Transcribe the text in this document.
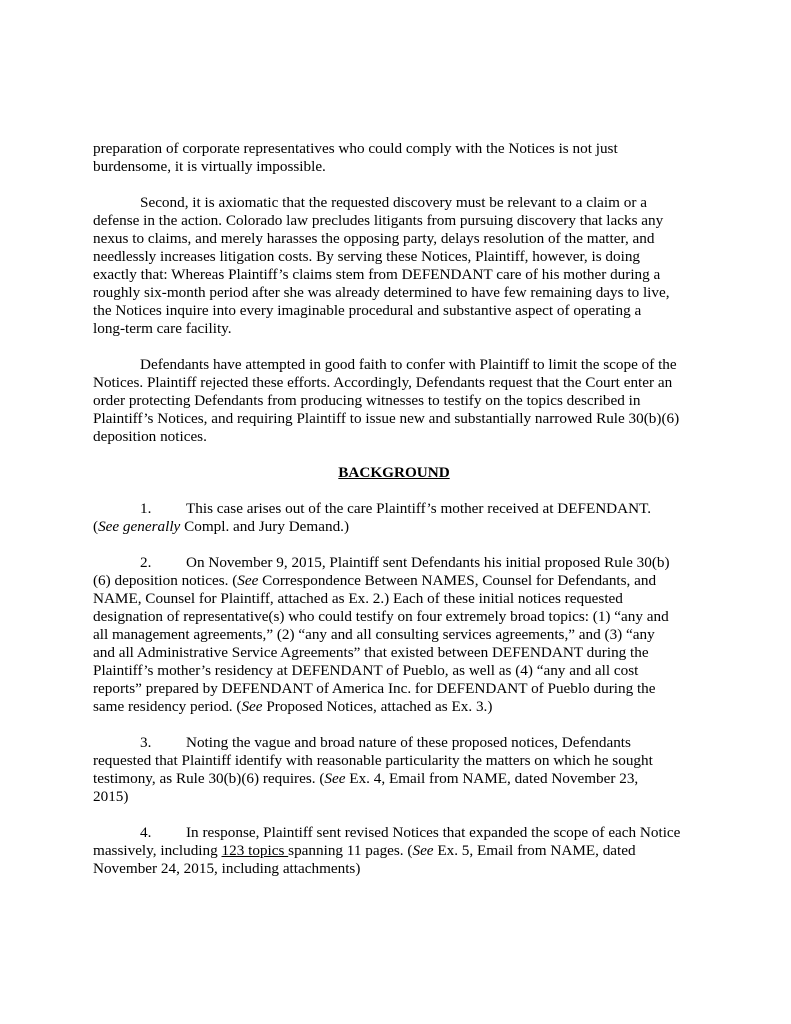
preparation of corporate representatives who could comply with the Notices is not just
burdensome, it is virtually impossible.

Second, it is axiomatic that the requested discovery must be relevant to a claim or a
defense in the action. Colorado law precludes litigants from pursuing discovery that lacks any
nexus to claims, and merely harasses the opposing party, delays resolution of the matter, and
needlessly increases litigation costs. By serving these Notices, Plaintiff, however, is doing
exactly that: Whereas Plaintiff’s claims stem from DEFENDANT care of his mother during a
roughly six-month period after she was already determined to have few remaining days to live,
the Notices inquire into every imaginable procedural and substantive aspect of operating a
long-term care facility.

Defendants have attempted in good faith to confer with Plaintiff to limit the scope of the
Notices. Plaintiff rejected these efforts. Accordingly, Defendants request that the Court enter an
order protecting Defendants from producing witnesses to testify on the topics described in
Plaintiff’s Notices, and requiring Plaintiff to issue new and substantially narrowed Rule 30(b)(6)
deposition notices.

BACKGROUND

1. This case arises out of the care Plaintiff’s mother received at DEFENDANT.
(See generally Compl. and Jury Demand.)

2. On November 9, 2015, Plaintiff sent Defendants his initial proposed Rule 30(b)
(6) deposition notices. (See Correspondence Between NAMES, Counsel for Defendants, and
NAME, Counsel for Plaintiff, attached as Ex. 2.) Each of these initial notices requested
designation of representative(s) who could testify on four extremely broad topics: (1) “any and
all management agreements,” (2) “any and all consulting services agreements,” and (3) “any
and all Administrative Service Agreements” that existed between DEFENDANT during the
Plaintiff’s mother’s residency at DEFENDANT of Pueblo, as well as (4) “any and all cost
reports” prepared by DEFENDANT of America Inc. for DEFENDANT of Pueblo during the
same residency period. (See Proposed Notices, attached as Ex. 3.)

3. Noting the vague and broad nature of these proposed notices, Defendants
requested that Plaintiff identify with reasonable particularity the matters on which he sought
testimony, as Rule 30(b)(6) requires. (See Ex. 4, Email from NAME, dated November 23,
2015)

4. In response, Plaintiff sent revised Notices that expanded the scope of each Notice
massively, including 123 topics spanning 11 pages. (See Ex. 5, Email from NAME, dated
November 24, 2015, including attachments)
